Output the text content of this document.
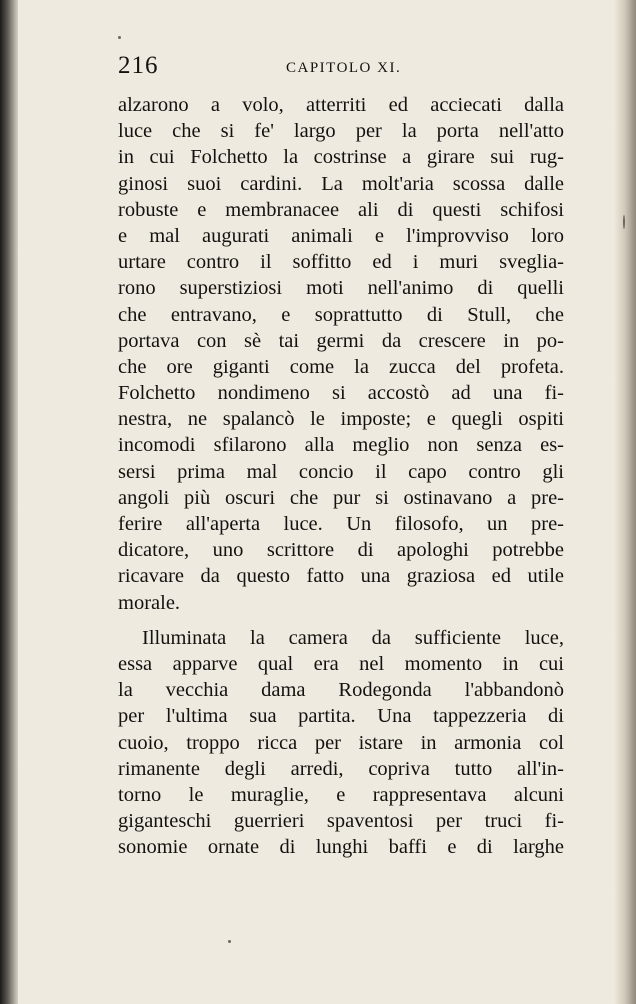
216	CAPITOLO XI.
alzarono a volo, atterriti ed acciecati dalla
luce che si fe' largo per la porta nell'atto
in cui Folchetto la costrinse a girare sui rug-
ginosi suoi cardini. La molt'aria scossa dalle
robuste e membranacee ali di questi schifosi
e mal augurati animali e l'improvviso loro
urtare contro il soffitto ed i muri sveglia-
rono superstiziosi moti nell'animo di quelli
che entravano, e soprattutto di Stull, che
portava con sè tai germi da crescere in po-
che ore giganti come la zucca del profeta.
Folchetto nondimeno si accostò ad una fi-
nestra, ne spalancò le imposte; e quegli ospiti
incomodi sfilarono alla meglio non senza es-
sersi prima mal concio il capo contro gli
angoli più oscuri che pur si ostinavano a pre-
ferire all'aperta luce. Un filosofo, un pre-
dicatore, uno scrittore di apologhi potrebbe
ricavare da questo fatto una graziosa ed utile
morale.
Illuminata la camera da sufficiente luce,
essa apparve qual era nel momento in cui
la vecchia dama Rodegonda l'abbandonò
per l'ultima sua partita. Una tappezzeria di
cuoio, troppo ricca per istare in armonia col
rimanente degli arredi, copriva tutto all'in-
torno le muraglie, e rappresentava alcuni
giganteschi guerrieri spaventosi per truci fi-
sonomie ornate di lunghi baffi e di larghe
